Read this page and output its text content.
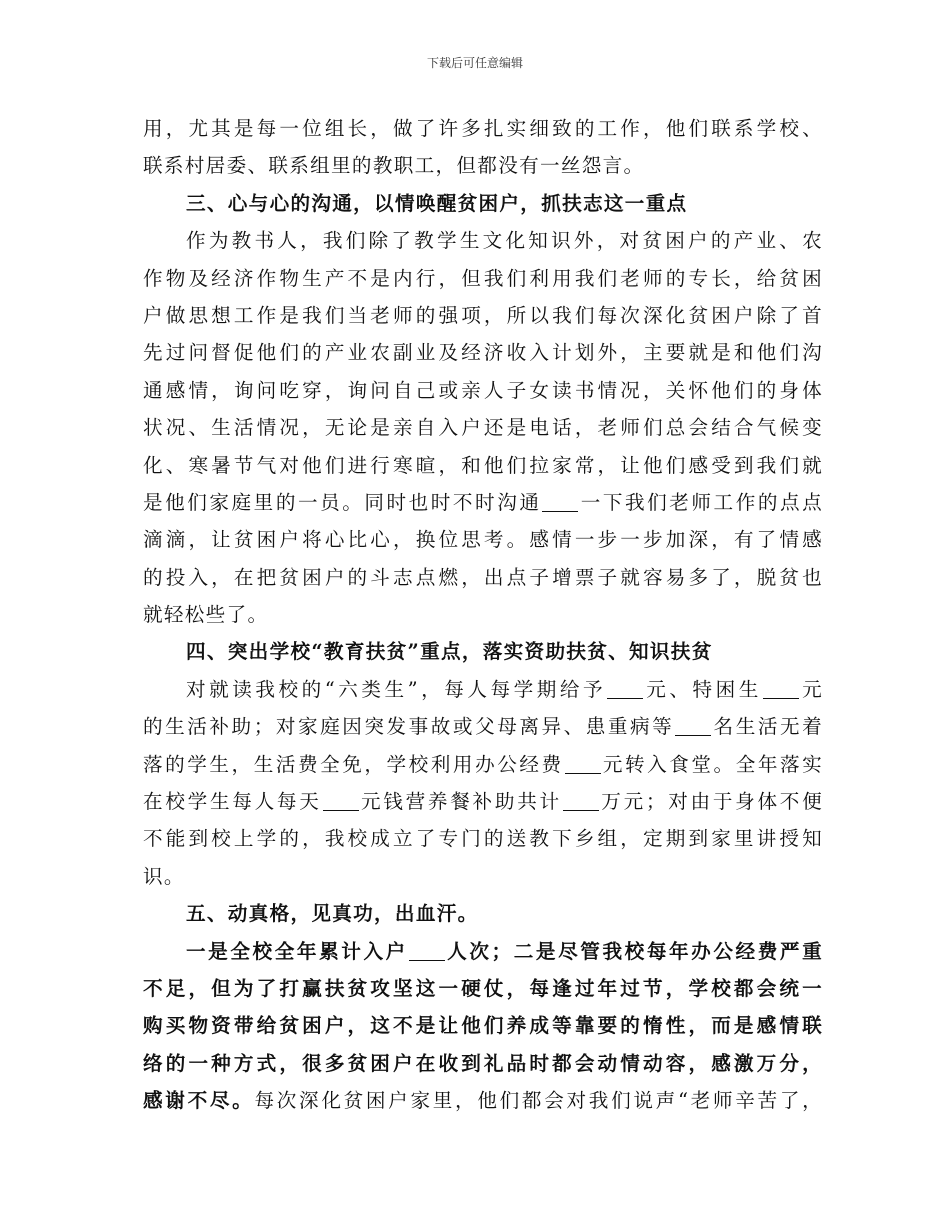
下载后可任意编辑
用，尤其是每一位组长，做了许多扎实细致的工作，他们联系学校、
联系村居委、联系组里的教职工，但都没有一丝怨言。
三、心与心的沟通，以情唤醒贫困户，抓扶志这一重点
作为教书人，我们除了教学生文化知识外，对贫困户的产业、农
作物及经济作物生产不是内行，但我们利用我们老师的专长，给贫困
户做思想工作是我们当老师的强项，所以我们每次深化贫困户除了首
先过问督促他们的产业农副业及经济收入计划外，主要就是和他们沟
通感情，询问吃穿，询问自己或亲人子女读书情况，关怀他们的身体
状况、生活情况，无论是亲自入户还是电话，老师们总会结合气候变
化、寒暑节气对他们进行寒暄，和他们拉家常，让他们感受到我们就
是他们家庭里的一员。同时也时不时沟通 一下我们老师工作的点点
滴滴，让贫困户将心比心，换位思考。感情一步一步加深，有了情感
的投入，在把贫困户的斗志点燃，出点子增票子就容易多了，脱贫也
就轻松些了。
四、突出学校“教育扶贫”重点，落实资助扶贫、知识扶贫
对就读我校的“六类生”，每人每学期给予 元、特困生 元
的生活补助；对家庭因突发事故或父母离异、患重病等 名生活无着
落的学生，生活费全免，学校利用办公经费 元转入食堂。全年落实
在校学生每人每天 元钱营养餐补助共计 万元；对由于身体不便
不能到校上学的，我校成立了专门的送教下乡组，定期到家里讲授知
识。
五、动真格，见真功，出血汗。
一是全校全年累计入户 人次；二是尽管我校每年办公经费严重
不足，但为了打赢扶贫攻坚这一硬仗，每逢过年过节，学校都会统一
购买物资带给贫困户，这不是让他们养成等靠要的惰性，而是感情联
络的一种方式，很多贫困户在收到礼品时都会动情动容，感激万分，
感谢不尽。每次深化贫困户家里，他们都会对我们说声“老师辛苦了，
